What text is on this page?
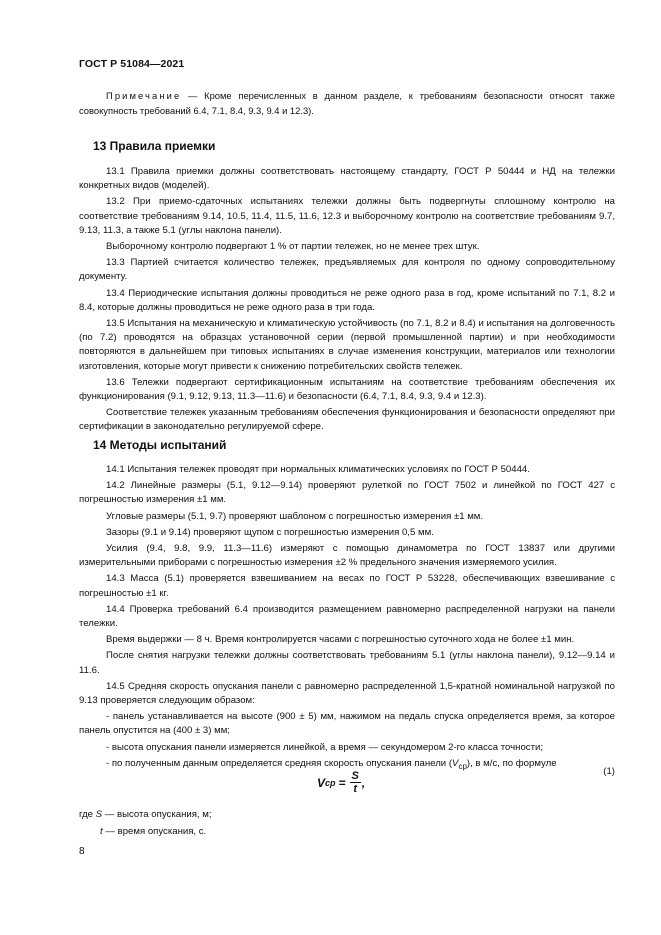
ГОСТ Р 51084—2021
Примечание — Кроме перечисленных в данном разделе, к требованиям безопасности относят также совокупность требований 6.4, 7.1, 8.4, 9.3, 9.4 и 12.3).
13 Правила приемки

13.1 Правила приемки должны соответствовать настоящему стандарту, ГОСТ Р 50444 и НД на тележки конкретных видов (моделей).

13.2 При приемо-сдаточных испытаниях тележки должны быть подвергнуты сплошному контролю на соответствие требованиям 9.14, 10.5, 11.4, 11.5, 11.6, 12.3 и выборочному контролю на соответствие требованиям 9.7, 9.13, 11.3, а также 5.1 (углы наклона панели).

Выборочному контролю подвергают 1 % от партии тележек, но не менее трех штук.

13.3 Партией считается количество тележек, предъявляемых для контроля по одному сопроводительному документу.

13.4 Периодические испытания должны проводиться не реже одного раза в год, кроме испытаний по 7.1, 8.2 и 8.4, которые должны проводиться не реже одного раза в три года.

13.5 Испытания на механическую и климатическую устойчивость (по 7.1, 8.2 и 8.4) и испытания на долговечность (по 7.2) проводятся на образцах установочной серии (первой промышленной партии) и при необходимости повторяются в дальнейшем при типовых испытаниях в случае изменения конструкции, материалов или технологии изготовления, которые могут привести к снижению потребительских свойств тележек.

13.6 Тележки подвергают сертификационным испытаниям на соответствие требованиям обеспечения их функционирования (9.1, 9.12, 9.13, 11.3—11.6) и безопасности (6.4, 7.1, 8.4, 9.3, 9.4 и 12.3).

Соответствие тележек указанным требованиям обеспечения функционирования и безопасности определяют при сертификации в законодательно регулируемой сфере.

14 Методы испытаний

14.1 Испытания тележек проводят при нормальных климатических условиях по ГОСТ Р 50444.

14.2 Линейные размеры (5.1, 9.12—9.14) проверяют рулеткой по ГОСТ 7502 и линейкой по ГОСТ 427 с погрешностью измерения ±1 мм.

Угловые размеры (5.1, 9.7) проверяют шаблоном с погрешностью измерения ±1 мм.

Зазоры (9.1 и 9.14) проверяют щупом с погрешностью измерения 0,5 мм.

Усилия (9.4, 9.8, 9.9, 11.3—11.6) измеряют с помощью динамометра по ГОСТ 13837 или другими измерительными приборами с погрешностью измерения ±2 % предельного значения измеряемого усилия.

14.3 Масса (5.1) проверяется взвешиванием на весах по ГОСТ Р 53228, обеспечивающих взвешивание с погрешностью ±1 кг.

14.4 Проверка требований 6.4 производится размещением равномерно распределенной нагрузки на панели тележки.

Время выдержки — 8 ч. Время контролируется часами с погрешностью суточного хода не более ±1 мин.

После снятия нагрузки тележки должны соответствовать требованиям 5.1 (углы наклона панели), 9.12—9.14 и 11.6.

14.5 Средняя скорость опускания панели с равномерно распределенной 1,5-кратной номинальной нагрузкой по 9.13 проверяется следующим образом:

- панель устанавливается на высоте (900 ± 5) мм, нажимом на педаль спуска определяется время, за которое панель опустится на (400 ± 3) мм;

- высота опускания панели измеряется линейкой, а время — секундомером 2-го класса точности;

- по полученным данным определяется средняя скорость опускания панели $(V_{ср})$, в м/с, по формуле

V ср = $\frac{S}{t}$ ,
(1)
где S — высота опускания, м;
t — время опускания, с.
8
